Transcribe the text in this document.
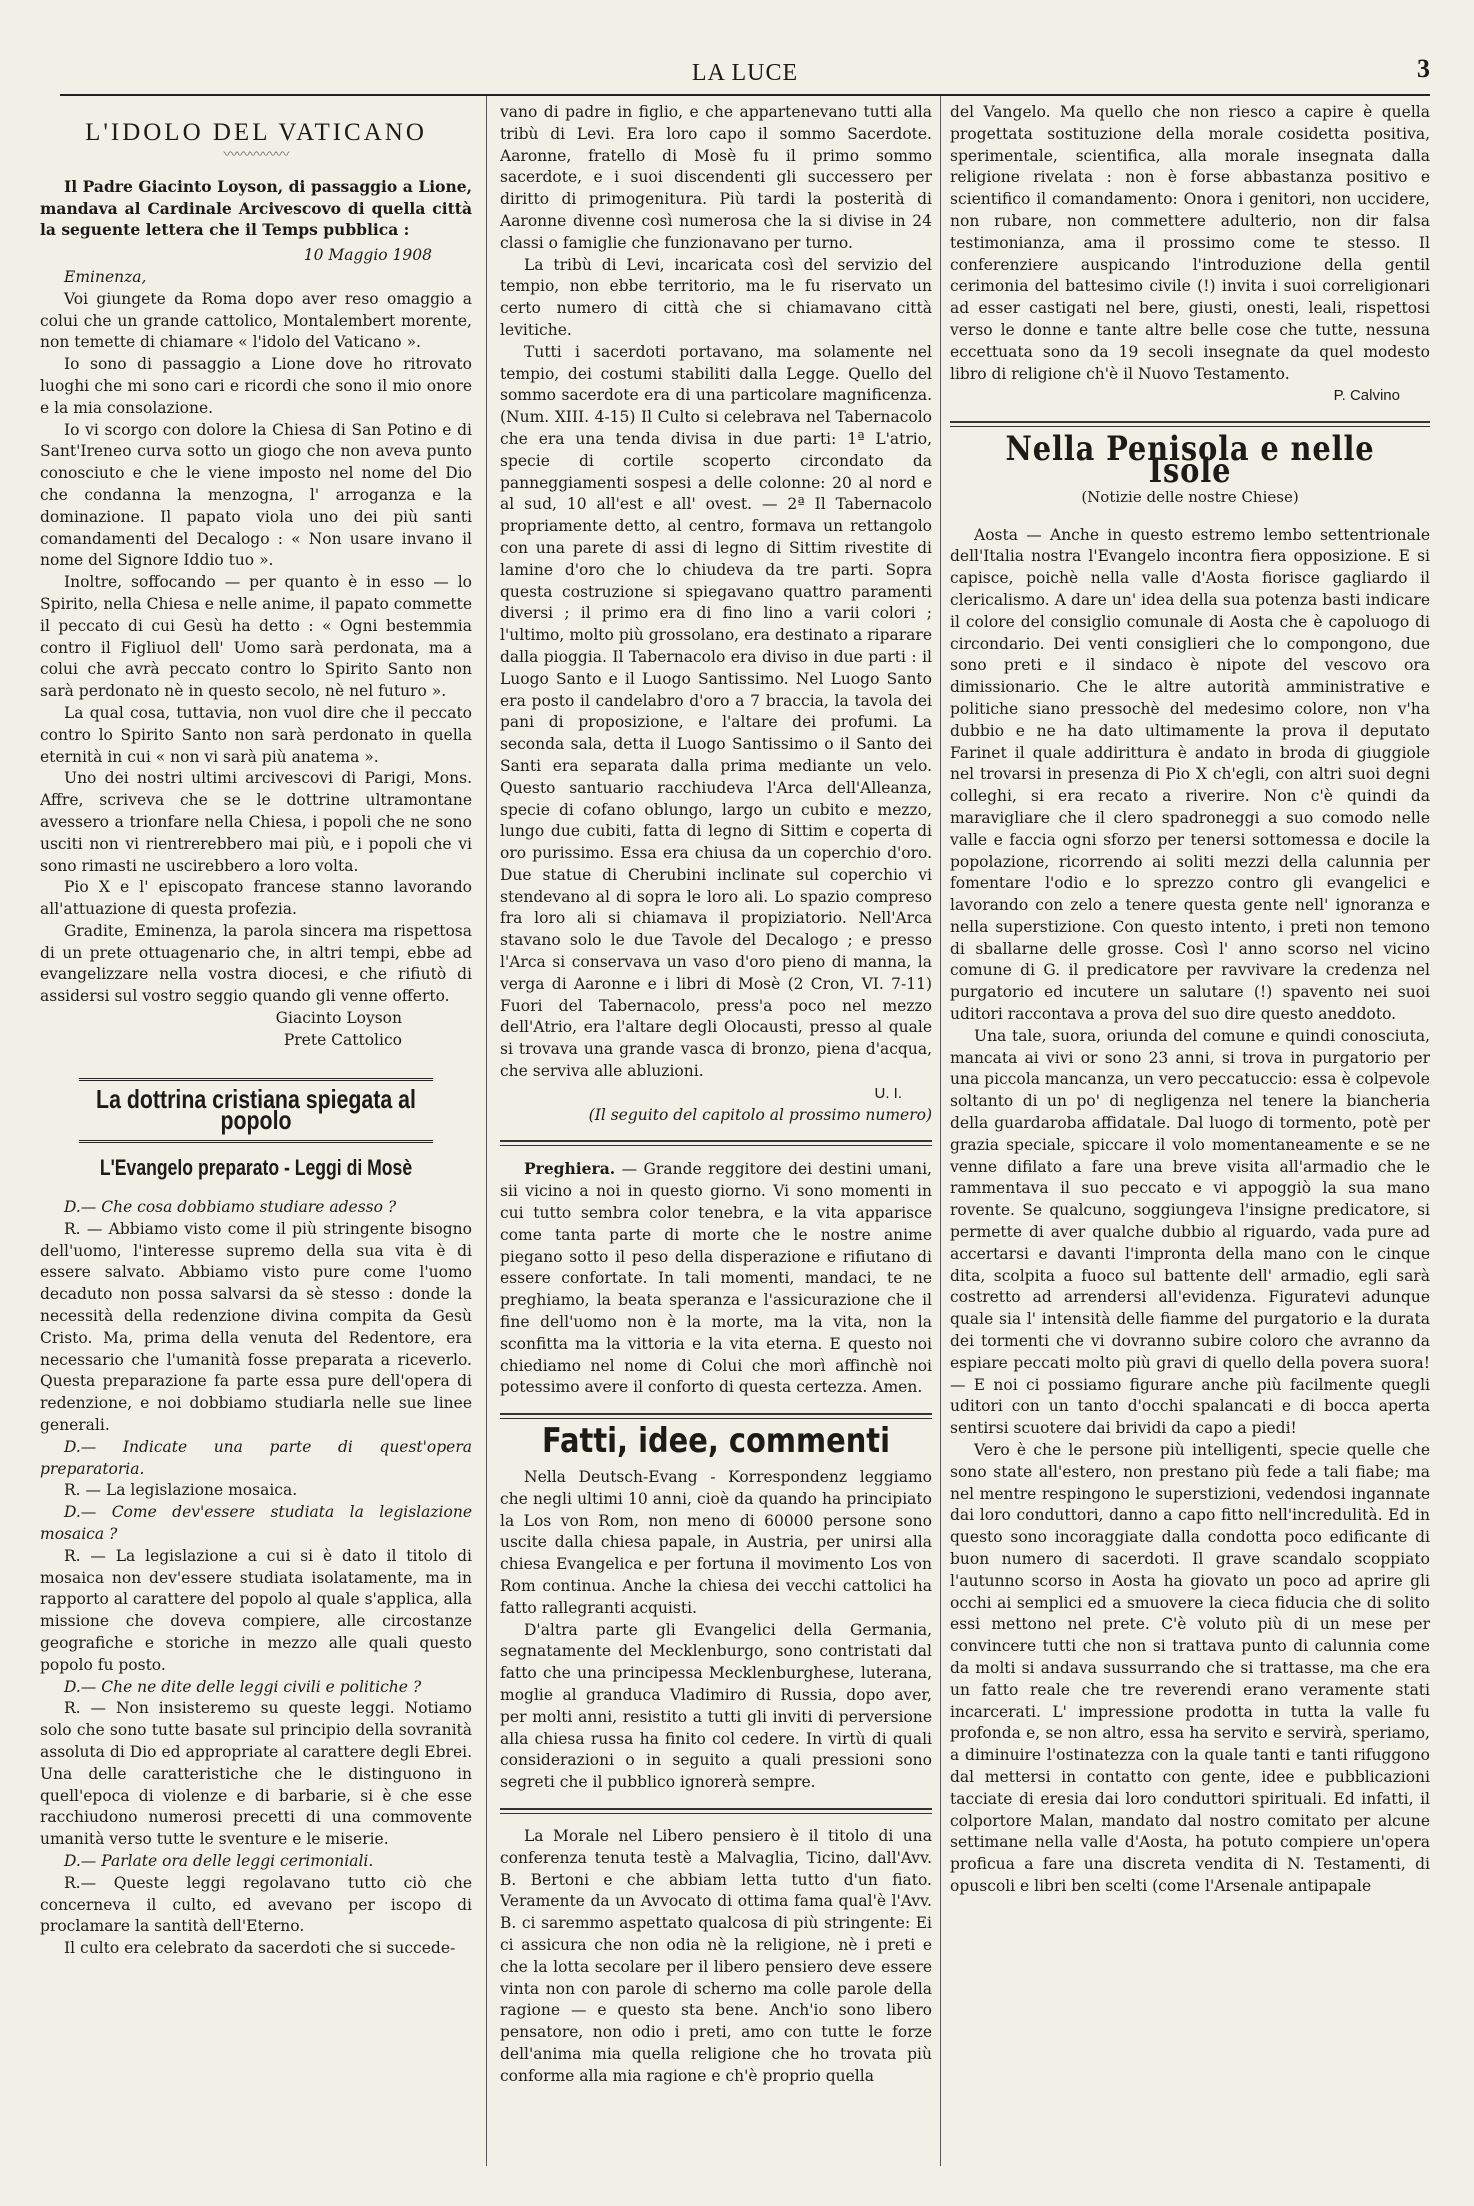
LA LUCE	3
L'IDOLO DEL VATICANO
〰〰〰〰〰

Il Padre Giacinto Loyson, di passaggio a Lione, mandava al Cardinale Arcivescovo di quella città la seguente lettera che il Temps pubblica :

10 Maggio 1908

Eminenza,

Voi giungete da Roma dopo aver reso omaggio a colui che un grande cattolico, Montalembert morente, non temette di chiamare « l'idolo del Vaticano ».

Io sono di passaggio a Lione dove ho ritrovato luoghi che mi sono cari e ricordi che sono il mio onore e la mia consolazione.

Io vi scorgo con dolore la Chiesa di San Potino e di Sant'Ireneo curva sotto un giogo che non aveva punto conosciuto e che le viene imposto nel nome del Dio che condanna la menzogna, l' arroganza e la dominazione. Il papato viola uno dei più santi comandamenti del Decalogo : « Non usare invano il nome del Signore Iddio tuo ».

Inoltre, soffocando — per quanto è in esso — lo Spirito, nella Chiesa e nelle anime, il papato commette il peccato di cui Gesù ha detto : « Ogni bestemmia contro il Figliuol dell' Uomo sarà perdonata, ma a colui che avrà peccato contro lo Spirito Santo non sarà perdonato nè in questo secolo, nè nel futuro ».

La qual cosa, tuttavia, non vuol dire che il peccato contro lo Spirito Santo non sarà perdonato in quella eternità in cui « non vi sarà più anatema ».

Uno dei nostri ultimi arcivescovi di Parigi, Mons. Affre, scriveva che se le dottrine ultramontane avessero a trionfare nella Chiesa, i popoli che ne sono usciti non vi rientrerebbero mai più, e i popoli che vi sono rimasti ne uscirebbero a loro volta.

Pio X e l' episcopato francese stanno lavorando all'attuazione di questa profezia.

Gradite, Eminenza, la parola sincera ma rispettosa di un prete ottuagenario che, in altri tempi, ebbe ad evangelizzare nella vostra diocesi, e che rifiutò di assidersi sul vostro seggio quando gli venne offerto.

Giacinto Loyson
Prete Cattolico
La dottrina cristiana spiegata al popolo
L'Evangelo preparato - Leggi di Mosè

D.— Che cosa dobbiamo studiare adesso ?

R. — Abbiamo visto come il più stringente bisogno dell'uomo, l'interesse supremo della sua vita è di essere salvato. Abbiamo visto pure come l'uomo decaduto non possa salvarsi da sè stesso : donde la necessità della redenzione divina compita da Gesù Cristo. Ma, prima della venuta del Redentore, era necessario che l'umanità fosse preparata a riceverlo. Questa preparazione fa parte essa pure dell'opera di redenzione, e noi dobbiamo studiarla nelle sue linee generali.

D.— Indicate una parte di quest'opera preparatoria.

R. — La legislazione mosaica.

D.— Come dev'essere studiata la legislazione mosaica ?

R. — La legislazione a cui si è dato il titolo di mosaica non dev'essere studiata isolatamente, ma in rapporto al carattere del popolo al quale s'applica, alla missione che doveva compiere, alle circostanze geografiche e storiche in mezzo alle quali questo popolo fu posto.

D.— Che ne dite delle leggi civili e politiche ?

R. — Non insisteremo su queste leggi. Notiamo solo che sono tutte basate sul principio della sovranità assoluta di Dio ed appropriate al carattere degli Ebrei. Una delle caratteristiche che le distinguono in quell'epoca di violenze e di barbarie, si è che esse racchiudono numerosi precetti di una commovente umanità verso tutte le sventure e le miserie.

D.— Parlate ora delle leggi cerimoniali.

R.— Queste leggi regolavano tutto ciò che concerneva il culto, ed avevano per iscopo di proclamare la santità dell'Eterno.

Il culto era celebrato da sacerdoti che si succede-

vano di padre in figlio, e che appartenevano tutti alla tribù di Levi. Era loro capo il sommo Sacerdote. Aaronne, fratello di Mosè fu il primo sommo sacerdote, e i suoi discendenti gli successero per diritto di primogenitura. Più tardi la posterità di Aaronne divenne così numerosa che la si divise in 24 classi o famiglie che funzionavano per turno.

La tribù di Levi, incaricata così del servizio del tempio, non ebbe territorio, ma le fu riservato un certo numero di città che si chiamavano città levitiche.

Tutti i sacerdoti portavano, ma solamente nel tempio, dei costumi stabiliti dalla Legge. Quello del sommo sacerdote era di una particolare magnificenza. (Num. XIII. 4-15) Il Culto si celebrava nel Tabernacolo che era una tenda divisa in due parti: 1ª L'atrio, specie di cortile scoperto circondato da panneggiamenti sospesi a delle colonne: 20 al nord e al sud, 10 all'est e all' ovest. — 2ª Il Tabernacolo propriamente detto, al centro, formava un rettangolo con una parete di assi di legno di Sittim rivestite di lamine d'oro che lo chiudeva da tre parti. Sopra questa costruzione si spiegavano quattro paramenti diversi ; il primo era di fino lino a varii colori ; l'ultimo, molto più grossolano, era destinato a riparare dalla pioggia. Il Tabernacolo era diviso in due parti : il Luogo Santo e il Luogo Santissimo. Nel Luogo Santo era posto il candelabro d'oro a 7 braccia, la tavola dei pani di proposizione, e l'altare dei profumi. La seconda sala, detta il Luogo Santissimo o il Santo dei Santi era separata dalla prima mediante un velo. Questo santuario racchiudeva l'Arca dell'Alleanza, specie di cofano oblungo, largo un cubito e mezzo, lungo due cubiti, fatta di legno di Sittim e coperta di oro purissimo. Essa era chiusa da un coperchio d'oro. Due statue di Cherubini inclinate sul coperchio vi stendevano al di sopra le loro ali. Lo spazio compreso fra loro ali si chiamava il propiziatorio. Nell'Arca stavano solo le due Tavole del Decalogo ; e presso l'Arca si conservava un vaso d'oro pieno di manna, la verga di Aaronne e i libri di Mosè (2 Cron, VI. 7-11) Fuori del Tabernacolo, press'a poco nel mezzo dell'Atrio, era l'altare degli Olocausti, presso al quale si trovava una grande vasca di bronzo, piena d'acqua, che serviva alle abluzioni.

U. I.
(Il seguito del capitolo al prossimo numero)

Preghiera. — Grande reggitore dei destini umani, sii vicino a noi in questo giorno. Vi sono momenti in cui tutto sembra color tenebra, e la vita apparisce come tanta parte di morte che le nostre anime piegano sotto il peso della disperazione e rifiutano di essere confortate. In tali momenti, mandaci, te ne preghiamo, la beata speranza e l'assicurazione che il fine dell'uomo non è la morte, ma la vita, non la sconfitta ma la vittoria e la vita eterna. E questo noi chiediamo nel nome di Colui che morì affinchè noi potessimo avere il conforto di questa certezza. Amen.

Fatti, idee, commenti

Nella Deutsch-Evang - Korrespondenz leggiamo che negli ultimi 10 anni, cioè da quando ha principiato la Los von Rom, non meno di 60000 persone sono uscite dalla chiesa papale, in Austria, per unirsi alla chiesa Evangelica e per fortuna il movimento Los von Rom continua. Anche la chiesa dei vecchi cattolici ha fatto rallegranti acquisti.

D'altra parte gli Evangelici della Germania, segnatamente del Mecklenburgo, sono contristati dal fatto che una principessa Mecklenburghese, luterana, moglie al granduca Vladimiro di Russia, dopo aver, per molti anni, resistito a tutti gli inviti di perversione alla chiesa russa ha finito col cedere. In virtù di quali considerazioni o in seguito a quali pressioni sono segreti che il pubblico ignorerà sempre.

La Morale nel Libero pensiero è il titolo di una conferenza tenuta testè a Malvaglia, Ticino, dall'Avv. B. Bertoni e che abbiam letta tutto d'un fiato. Veramente da un Avvocato di ottima fama qual'è l'Avv. B. ci saremmo aspettato qualcosa di più stringente: Ei ci assicura che non odia nè la religione, nè i preti e che la lotta secolare per il libero pensiero deve essere vinta non con parole di scherno ma colle parole della ragione — e questo sta bene. Anch'io sono libero pensatore, non odio i preti, amo con tutte le forze dell'anima mia quella religione che ho trovata più conforme alla mia ragione e ch'è proprio quella

del Vangelo. Ma quello che non riesco a capire è quella progettata sostituzione della morale cosidetta positiva, sperimentale, scientifica, alla morale insegnata dalla religione rivelata : non è forse abbastanza positivo e scientifico il comandamento: Onora i genitori, non uccidere, non rubare, non commettere adulterio, non dir falsa testimonianza, ama il prossimo come te stesso. Il conferenziere auspicando l'introduzione della gentil cerimonia del battesimo civile (!) invita i suoi correligionari ad esser castigati nel bere, giusti, onesti, leali, rispettosi verso le donne e tante altre belle cose che tutte, nessuna eccettuata sono da 19 secoli insegnate da quel modesto libro di religione ch'è il Nuovo Testamento.

P. Calvino
Nella Penisola e nelle Isole
(Notizie delle nostre Chiese)

Aosta — Anche in questo estremo lembo settentrionale dell'Italia nostra l'Evangelo incontra fiera opposizione. E si capisce, poichè nella valle d'Aosta fiorisce gagliardo il clericalismo. A dare un' idea della sua potenza basti indicare il colore del consiglio comunale di Aosta che è capoluogo di circondario. Dei venti consiglieri che lo compongono, due sono preti e il sindaco è nipote del vescovo ora dimissionario. Che le altre autorità amministrative e politiche siano pressochè del medesimo colore, non v'ha dubbio e ne ha dato ultimamente la prova il deputato Farinet il quale addirittura è andato in broda di giuggiole nel trovarsi in presenza di Pio X ch'egli, con altri suoi degni colleghi, si era recato a riverire. Non c'è quindi da maravigliare che il clero spadroneggi a suo comodo nelle valle e faccia ogni sforzo per tenersi sottomessa e docile la popolazione, ricorrendo ai soliti mezzi della calunnia per fomentare l'odio e lo sprezzo contro gli evangelici e lavorando con zelo a tenere questa gente nell' ignoranza e nella superstizione. Con questo intento, i preti non temono di sballarne delle grosse. Così l' anno scorso nel vicino comune di G. il predicatore per ravvivare la credenza nel purgatorio ed incutere un salutare (!) spavento nei suoi uditori raccontava a prova del suo dire questo aneddoto.

Una tale, suora, oriunda del comune e quindi conosciuta, mancata ai vivi or sono 23 anni, si trova in purgatorio per una piccola mancanza, un vero peccatuccio: essa è colpevole soltanto di un po' di negligenza nel tenere la biancheria della guardaroba affidatale. Dal luogo di tormento, potè per grazia speciale, spiccare il volo momentaneamente e se ne venne difilato a fare una breve visita all'armadio che le rammentava il suo peccato e vi appoggiò la sua mano rovente. Se qualcuno, soggiungeva l'insigne predicatore, si permette di aver qualche dubbio al riguardo, vada pure ad accertarsi e davanti l'impronta della mano con le cinque dita, scolpita a fuoco sul battente dell' armadio, egli sarà costretto ad arrendersi all'evidenza. Figuratevi adunque quale sia l' intensità delle fiamme del purgatorio e la durata dei tormenti che vi dovranno subire coloro che avranno da espiare peccati molto più gravi di quello della povera suora! — E noi ci possiamo figurare anche più facilmente quegli uditori con un tanto d'occhi spalancati e di bocca aperta sentirsi scuotere dai brividi da capo a piedi!

Vero è che le persone più intelligenti, specie quelle che sono state all'estero, non prestano più fede a tali fiabe; ma nel mentre respingono le superstizioni, vedendosi ingannate dai loro conduttori, danno a capo fitto nell'incredulità. Ed in questo sono incoraggiate dalla condotta poco edificante di buon numero di sacerdoti. Il grave scandalo scoppiato l'autunno scorso in Aosta ha giovato un poco ad aprire gli occhi ai semplici ed a smuovere la cieca fiducia che di solito essi mettono nel prete. C'è voluto più di un mese per convincere tutti che non si trattava punto di calunnia come da molti si andava sussurrando che si trattasse, ma che era un fatto reale che tre reverendi erano veramente stati incarcerati. L' impressione prodotta in tutta la valle fu profonda e, se non altro, essa ha servito e servirà, speriamo, a diminuire l'ostinatezza con la quale tanti e tanti rifuggono dal mettersi in contatto con gente, idee e pubblicazioni tacciate di eresia dai loro conduttori spirituali. Ed infatti, il colportore Malan, mandato dal nostro comitato per alcune settimane nella valle d'Aosta, ha potuto compiere un'opera proficua a fare una discreta vendita di N. Testamenti, di opuscoli e libri ben scelti (come l'Arsenale antipapale
